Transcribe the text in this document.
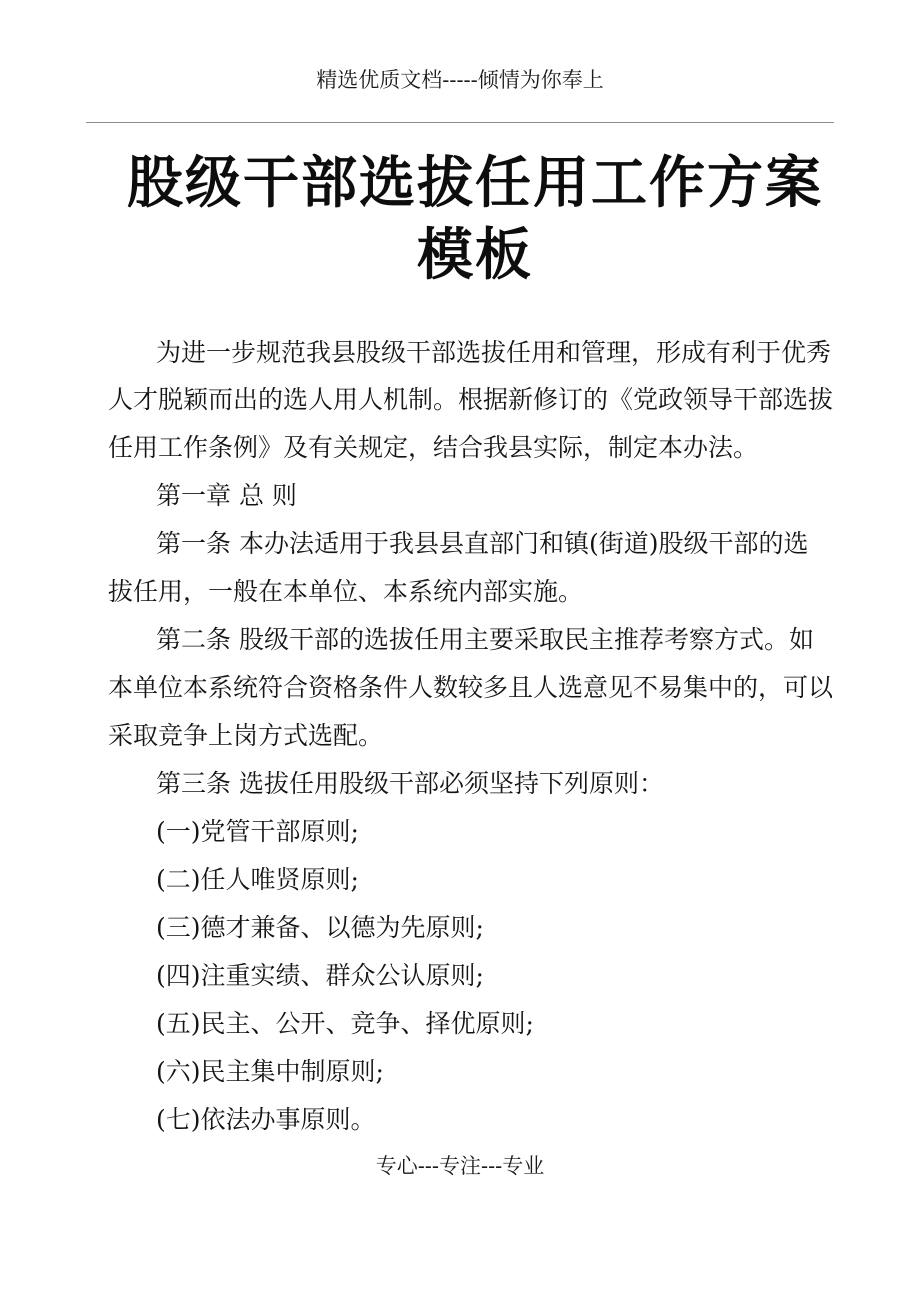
精选优质文档-----倾情为你奉上
股级干部选拔任用工作方案
模板
为进一步规范我县股级干部选拔任用和管理，形成有利于优秀
人才脱颖而出的选人用人机制。根据新修订的《党政领导干部选拔
任用工作条例》及有关规定，结合我县实际，制定本办法。
第一章 总 则
第一条 本办法适用于我县县直部门和镇(街道)股级干部的选
拔任用，一般在本单位、本系统内部实施。
第二条 股级干部的选拔任用主要采取民主推荐考察方式。如
本单位本系统符合资格条件人数较多且人选意见不易集中的，可以
采取竞争上岗方式选配。
第三条 选拔任用股级干部必须坚持下列原则：
(一)党管干部原则;
(二)任人唯贤原则;
(三)德才兼备、以德为先原则;
(四)注重实绩、群众公认原则;
(五)民主、公开、竞争、择优原则;
(六)民主集中制原则;
(七)依法办事原则。
专心---专注---专业
